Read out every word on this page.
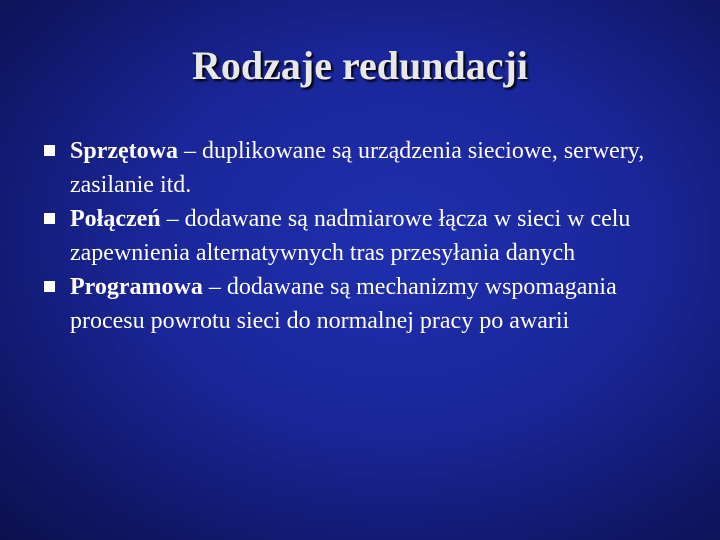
Rodzaje redundacji
Sprzętowa – duplikowane są urządzenia sieciowe, serwery, zasilanie itd.
Połączeń – dodawane są nadmiarowe łącza w sieci w celu zapewnienia alternatywnych tras przesyłania danych
Programowa – dodawane są mechanizmy wspomagania procesu powrotu sieci do normalnej pracy po awarii
